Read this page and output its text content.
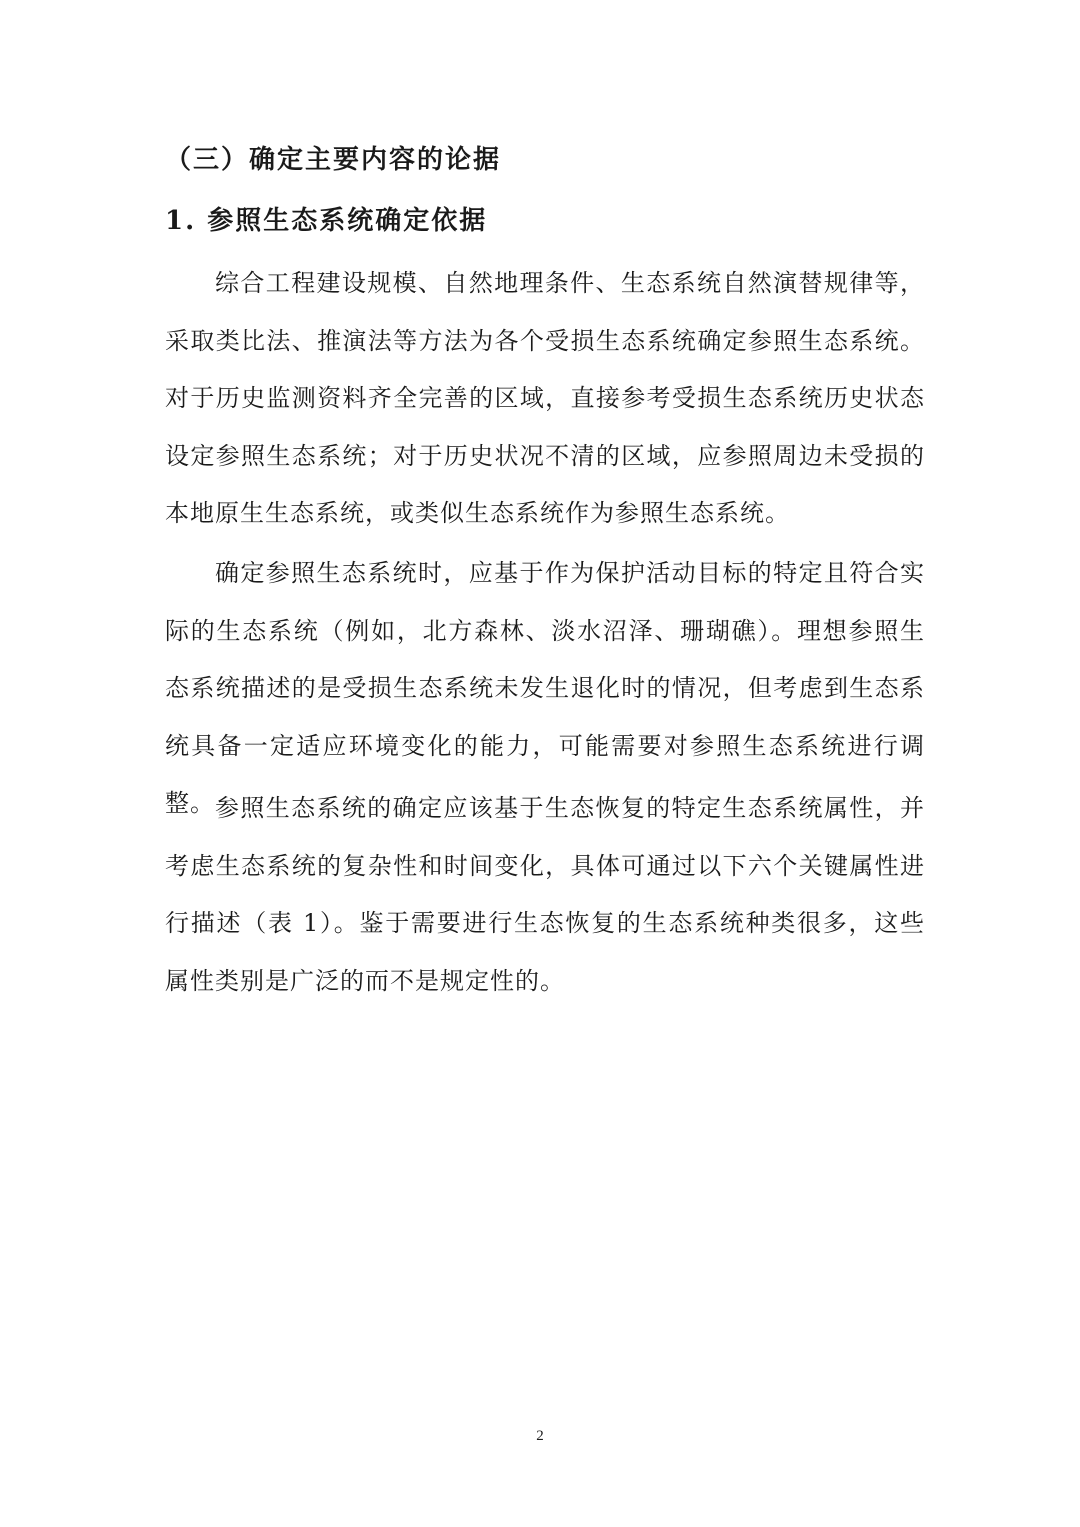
（三）确定主要内容的论据
1. 参照生态系统确定依据

综合工程建设规模、自然地理条件、生态系统自然演替规律等，采取类比法、推演法等方法为各个受损生态系统确定参照生态系统。对于历史监测资料齐全完善的区域，直接参考受损生态系统历史状态设定参照生态系统；对于历史状况不清的区域，应参照周边未受损的本地原生生态系统，或类似生态系统作为参照生态系统。

确定参照生态系统时，应基于作为保护活动目标的特定且符合实际的生态系统（例如，北方森林、淡水沼泽、珊瑚礁）。理想参照生态系统描述的是受损生态系统未发生退化时的情况，但考虑到生态系统具备一定适应环境变化的能力，可能需要对参照生态系统进行调整。 参照生态系统的确定应该基于生态恢复的特定生态系统属性，并考虑生态系统的复杂性和时间变化，具体可通过以下六个关键属性进行描述（表 1）。鉴于需要进行生态恢复的生态系统种类很多，这些属性类别是广泛的而不是规定性的。

2
